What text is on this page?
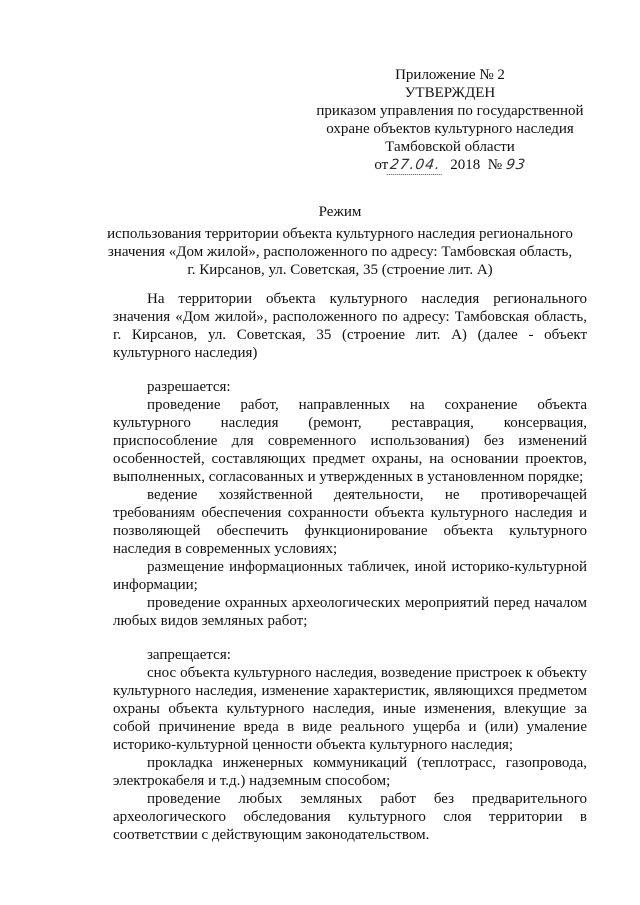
Приложение № 2
УТВЕРЖДЕН
приказом управления по государственной
охране объектов культурного наследия
Тамбовской области
от27.04. 2018 № 93
Режим
использования территории объекта культурного наследия регионального
значения «Дом жилой», расположенного по адресу: Тамбовская область,
г. Кирсанов, ул. Советская, 35 (строение лит. А)

На территории объекта культурного наследия регионального значения «Дом жилой», расположенного по адресу: Тамбовская область, г. Кирсанов, ул. Советская, 35 (строение лит. А) (далее - объект культурного наследия)

разрешается:

проведение работ, направленных на сохранение объекта культурного наследия (ремонт, реставрация, консервация, приспособление для современного использования) без изменений особенностей, составляющих предмет охраны, на основании проектов, выполненных, согласованных и утвержденных в установленном порядке;

ведение хозяйственной деятельности, не противоречащей требованиям обеспечения сохранности объекта культурного наследия и позволяющей обеспечить функционирование объекта культурного наследия в современных условиях;

размещение информационных табличек, иной историко-культурной информации;

проведение охранных археологических мероприятий перед началом любых видов земляных работ;

запрещается:

снос объекта культурного наследия, возведение пристроек к объекту культурного наследия, изменение характеристик, являющихся предметом охраны объекта культурного наследия, иные изменения, влекущие за собой причинение вреда в виде реального ущерба и (или) умаление историко-культурной ценности объекта культурного наследия;

прокладка инженерных коммуникаций (теплотрасс, газопровода, электрокабеля и т.д.) надземным способом;

проведение любых земляных работ без предварительного археологического обследования культурного слоя территории в соответствии с действующим законодательством.
